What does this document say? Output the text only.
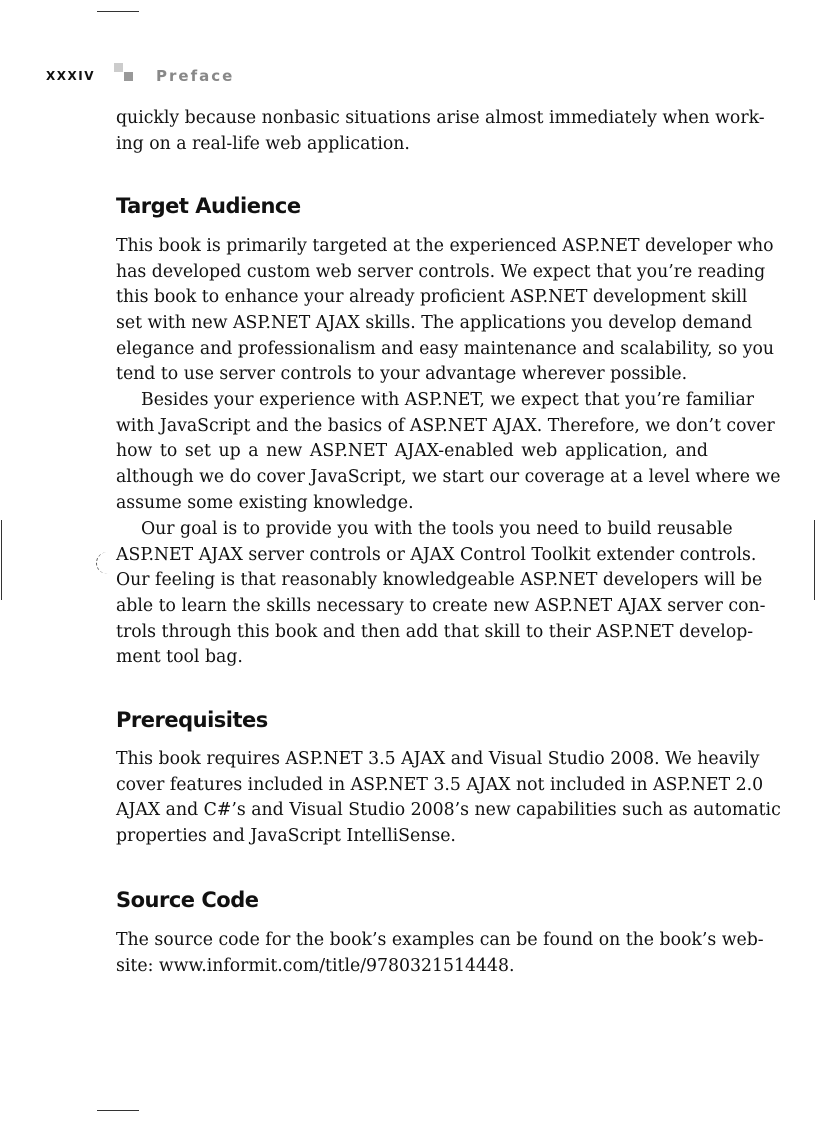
XXXIV	Preface
quickly because nonbasic situations arise almost immediately when work-
ing on a real-life web application.
Target Audience
This book is primarily targeted at the experienced ASP.NET developer who
has developed custom web server controls. We expect that you’re reading
this book to enhance your already proficient ASP.NET development skill
set with new ASP.NET AJAX skills. The applications you develop demand
elegance and professionalism and easy maintenance and scalability, so you
tend to use server controls to your advantage wherever possible.
Besides your experience with ASP.NET, we expect that you’re familiar
with JavaScript and the basics of ASP.NET AJAX. Therefore, we don’t cover
how to set up a new ASP.NET AJAX-enabled web application, and
although we do cover JavaScript, we start our coverage at a level where we
assume some existing knowledge.
Our goal is to provide you with the tools you need to build reusable
ASP.NET AJAX server controls or AJAX Control Toolkit extender controls.
Our feeling is that reasonably knowledgeable ASP.NET developers will be
able to learn the skills necessary to create new ASP.NET AJAX server con-
trols through this book and then add that skill to their ASP.NET develop-
ment tool bag.
Prerequisites
This book requires ASP.NET 3.5 AJAX and Visual Studio 2008. We heavily
cover features included in ASP.NET 3.5 AJAX not included in ASP.NET 2.0
AJAX and C#’s and Visual Studio 2008’s new capabilities such as automatic
properties and JavaScript IntelliSense.
Source Code
The source code for the book’s examples can be found on the book’s web-
site: www.informit.com/title/9780321514448.
